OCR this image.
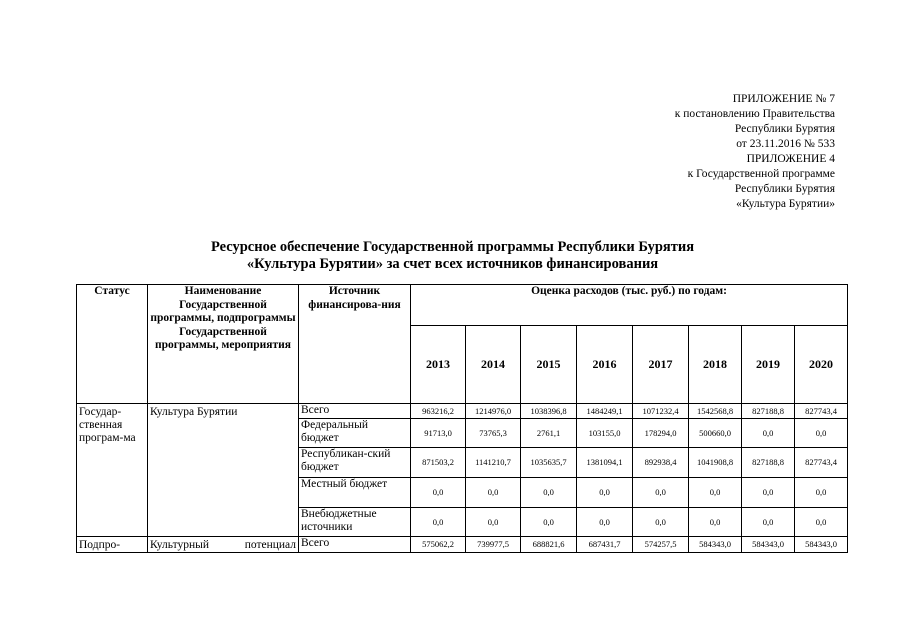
ПРИЛОЖЕНИЕ № 7
к постановлению Правительства
Республики Бурятия
от 23.11.2016 № 533
ПРИЛОЖЕНИЕ 4
к Государственной программе
Республики Бурятия
«Культура Бурятии»
Ресурсное обеспечение Государственной программы Республики Бурятия
«Культура Бурятии» за счет всех источников финансирования
Статус	Наименование Государственной программы, подпрограммы Государственной программы, мероприятия	Источник финансирова-ния	Оценка расходов (тыс. руб.) по годам:							
			2013	2014	2015	2016	2017	2018	2019	2020
Государ-ственная програм-ма	Культура Бурятии	Всего	963216,2	1214976,0	1038396,8	1484249,1	1071232,4	1542568,8	827188,8	827743,4
		Федеральный бюджет	91713,0	73765,3	2761,1	103155,0	178294,0	500660,0	0,0	0,0
		Республикан-ский бюджет	871503,2	1141210,7	1035635,7	1381094,1	892938,4	1041908,8	827188,8	827743,4
		Местный бюджет	0,0	0,0	0,0	0,0	0,0	0,0	0,0	0,0
		Внебюджетные источники	0,0	0,0	0,0	0,0	0,0	0,0	0,0	0,0
Подпро-	Культурный потенциал	Всего	575062,2	739977,5	688821,6	687431,7	574257,5	584343,0	584343,0	584343,0
